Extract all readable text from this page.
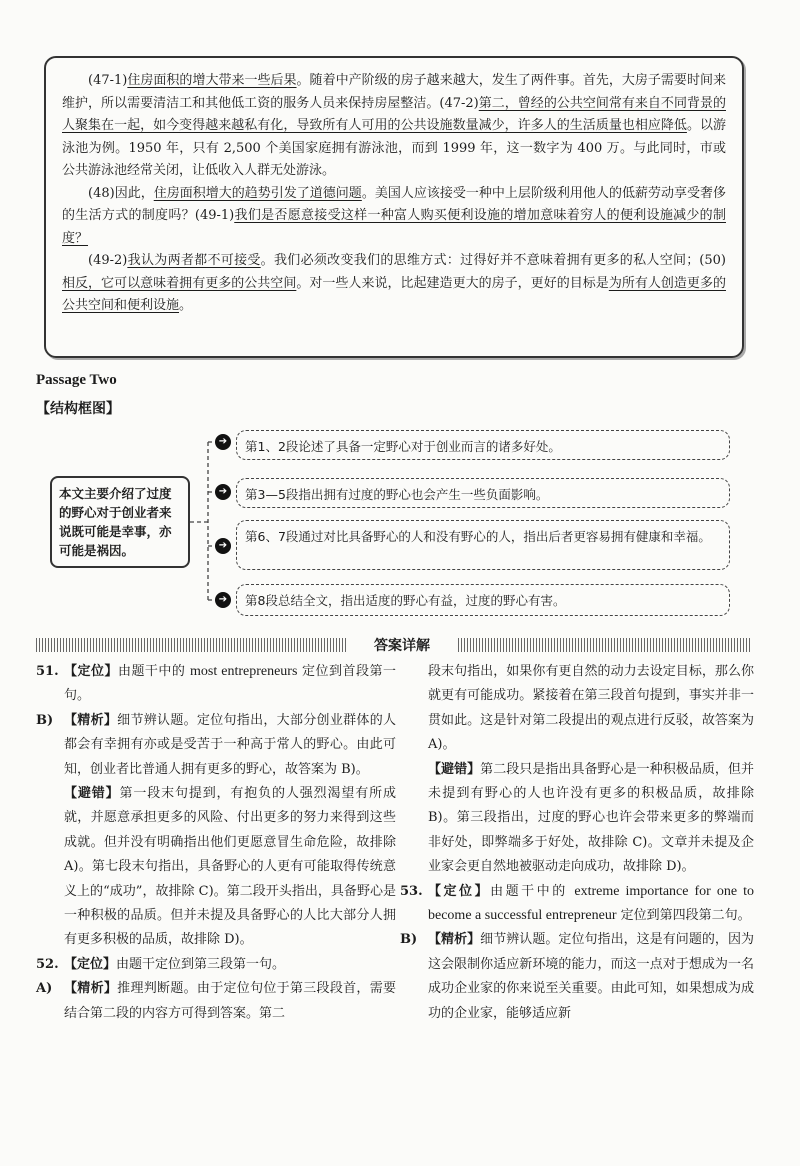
(47-1)住房面积的增大带来一些后果。随着中产阶级的房子越来越大，发生了两件事。首先，大房子需要时间来维护，所以需要清洁工和其他低工资的服务人员来保持房屋整洁。(47-2)第二，曾经的公共空间常有来自不同背景的人聚集在一起，如今变得越来越私有化，导致所有人可用的公共设施数量减少，许多人的生活质量也相应降低。以游泳池为例。1950 年，只有 2,500 个美国家庭拥有游泳池，而到 1999 年，这一数字为 400 万。与此同时，市或公共游泳池经常关闭，让低收入人群无处游泳。

(48)因此，住房面积增大的趋势引发了道德问题。美国人应该接受一种中上层阶级利用他人的低薪劳动享受奢侈的生活方式的制度吗？(49-1)我们是否愿意接受这样一种富人购买便利设施的增加意味着穷人的便利设施减少的制度？

(49-2)我认为两者都不可接受。我们必须改变我们的思维方式：过得好并不意味着拥有更多的私人空间；(50)相反，它可以意味着拥有更多的公共空间。对一些人来说，比起建造更大的房子，更好的目标是为所有人创造更多的公共空间和便利设施。

Passage Two
【结构框图】
本文主要介绍了过度的野心对于创业者来说既可能是幸事，亦可能是祸因。
➔	第1、2段论述了具备一定野心对于创业而言的诸多好处。
➔	第3—5段指出拥有过度的野心也会产生一些负面影响。
➔
第6、7段通过对比具备野心的人和没有野心的人，指出后者更容易拥有健康和幸福。
➔	第8段总结全文，指出适度的野心有益，过度的野心有害。
答案详解

51. 【定位】由题干中的 most entrepreneurs 定位到首段第一句。

B) 【精析】细节辨认题。定位句指出，大部分创业群体的人都会有幸拥有亦或是受苦于一种高于常人的野心。由此可知，创业者比普通人拥有更多的野心，故答案为 B)。

【避错】第一段末句提到，有抱负的人强烈渴望有所成就，并愿意承担更多的风险、付出更多的努力来得到这些成就。但并没有明确指出他们更愿意冒生命危险，故排除 A)。第七段末句指出，具备野心的人更有可能取得传统意义上的“成功”，故排除 C)。第二段开头指出，具备野心是一种积极的品质。但并未提及具备野心的人比大部分人拥有更多积极的品质，故排除 D)。

52. 【定位】由题干定位到第三段第一句。

A) 【精析】推理判断题。由于定位句位于第三段段首，需要结合第二段的内容方可得到答案。第二

段末句指出，如果你有更自然的动力去设定目标，那么你就更有可能成功。紧接着在第三段首句提到，事实并非一贯如此。这是针对第二段提出的观点进行反驳，故答案为 A)。

【避错】第二段只是指出具备野心是一种积极品质，但并未提到有野心的人也许没有更多的积极品质，故排除 B)。第三段指出，过度的野心也许会带来更多的弊端而非好处，即弊端多于好处，故排除 C)。文章并未提及企业家会更自然地被驱动走向成功，故排除 D)。

53. 【定位】由题干中的 extreme importance for one to become a successful entrepreneur 定位到第四段第二句。

B) 【精析】细节辨认题。定位句指出，这是有问题的，因为这会限制你适应新环境的能力，而这一点对于想成为一名成功企业家的你来说至关重要。由此可知，如果想成为成功的企业家，能够适应新
